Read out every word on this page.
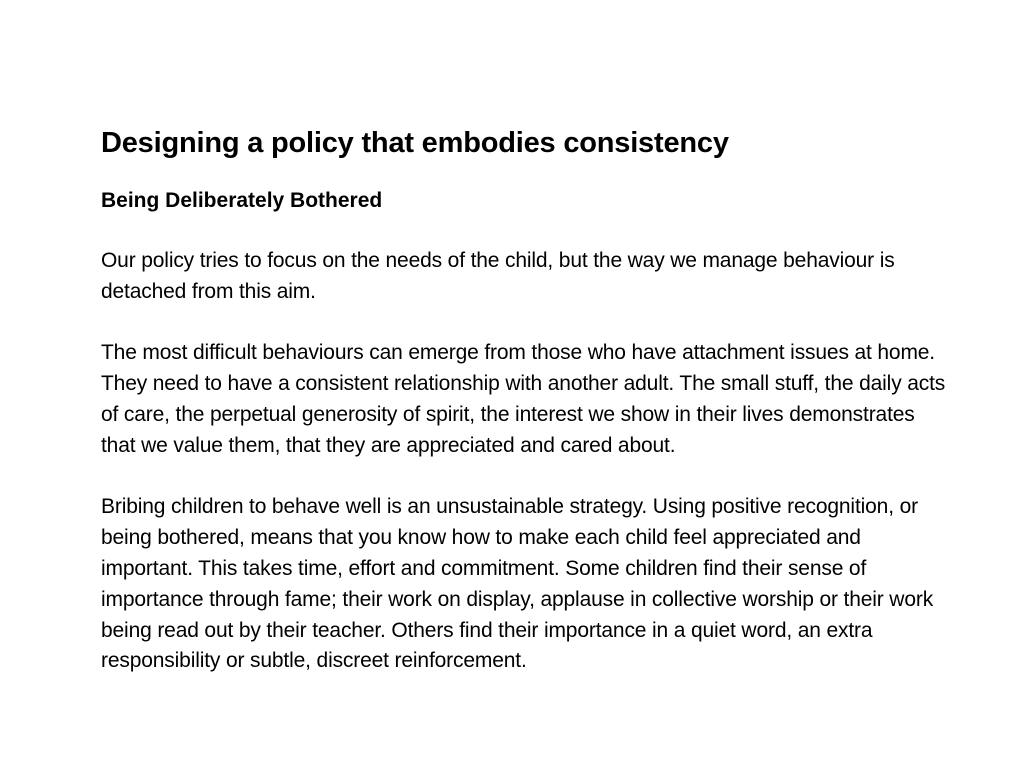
Designing a policy that embodies consistency
Being Deliberately Bothered
Our policy tries to focus on the needs of the child, but the way we manage behaviour is detached from this aim.
The most difficult behaviours can emerge from those who have attachment issues at home. They need to have a consistent relationship with another adult. The small stuff, the daily acts of care, the perpetual generosity of spirit, the interest we show in their lives demonstrates that we value them, that they are appreciated and cared about.
Bribing children to behave well is an unsustainable strategy. Using positive recognition, or being bothered, means that you know how to make each child feel appreciated and important. This takes time, effort and commitment. Some children find their sense of importance through fame; their work on display, applause in collective worship or their work being read out by their teacher. Others find their importance in a quiet word, an extra responsibility or subtle, discreet reinforcement.
